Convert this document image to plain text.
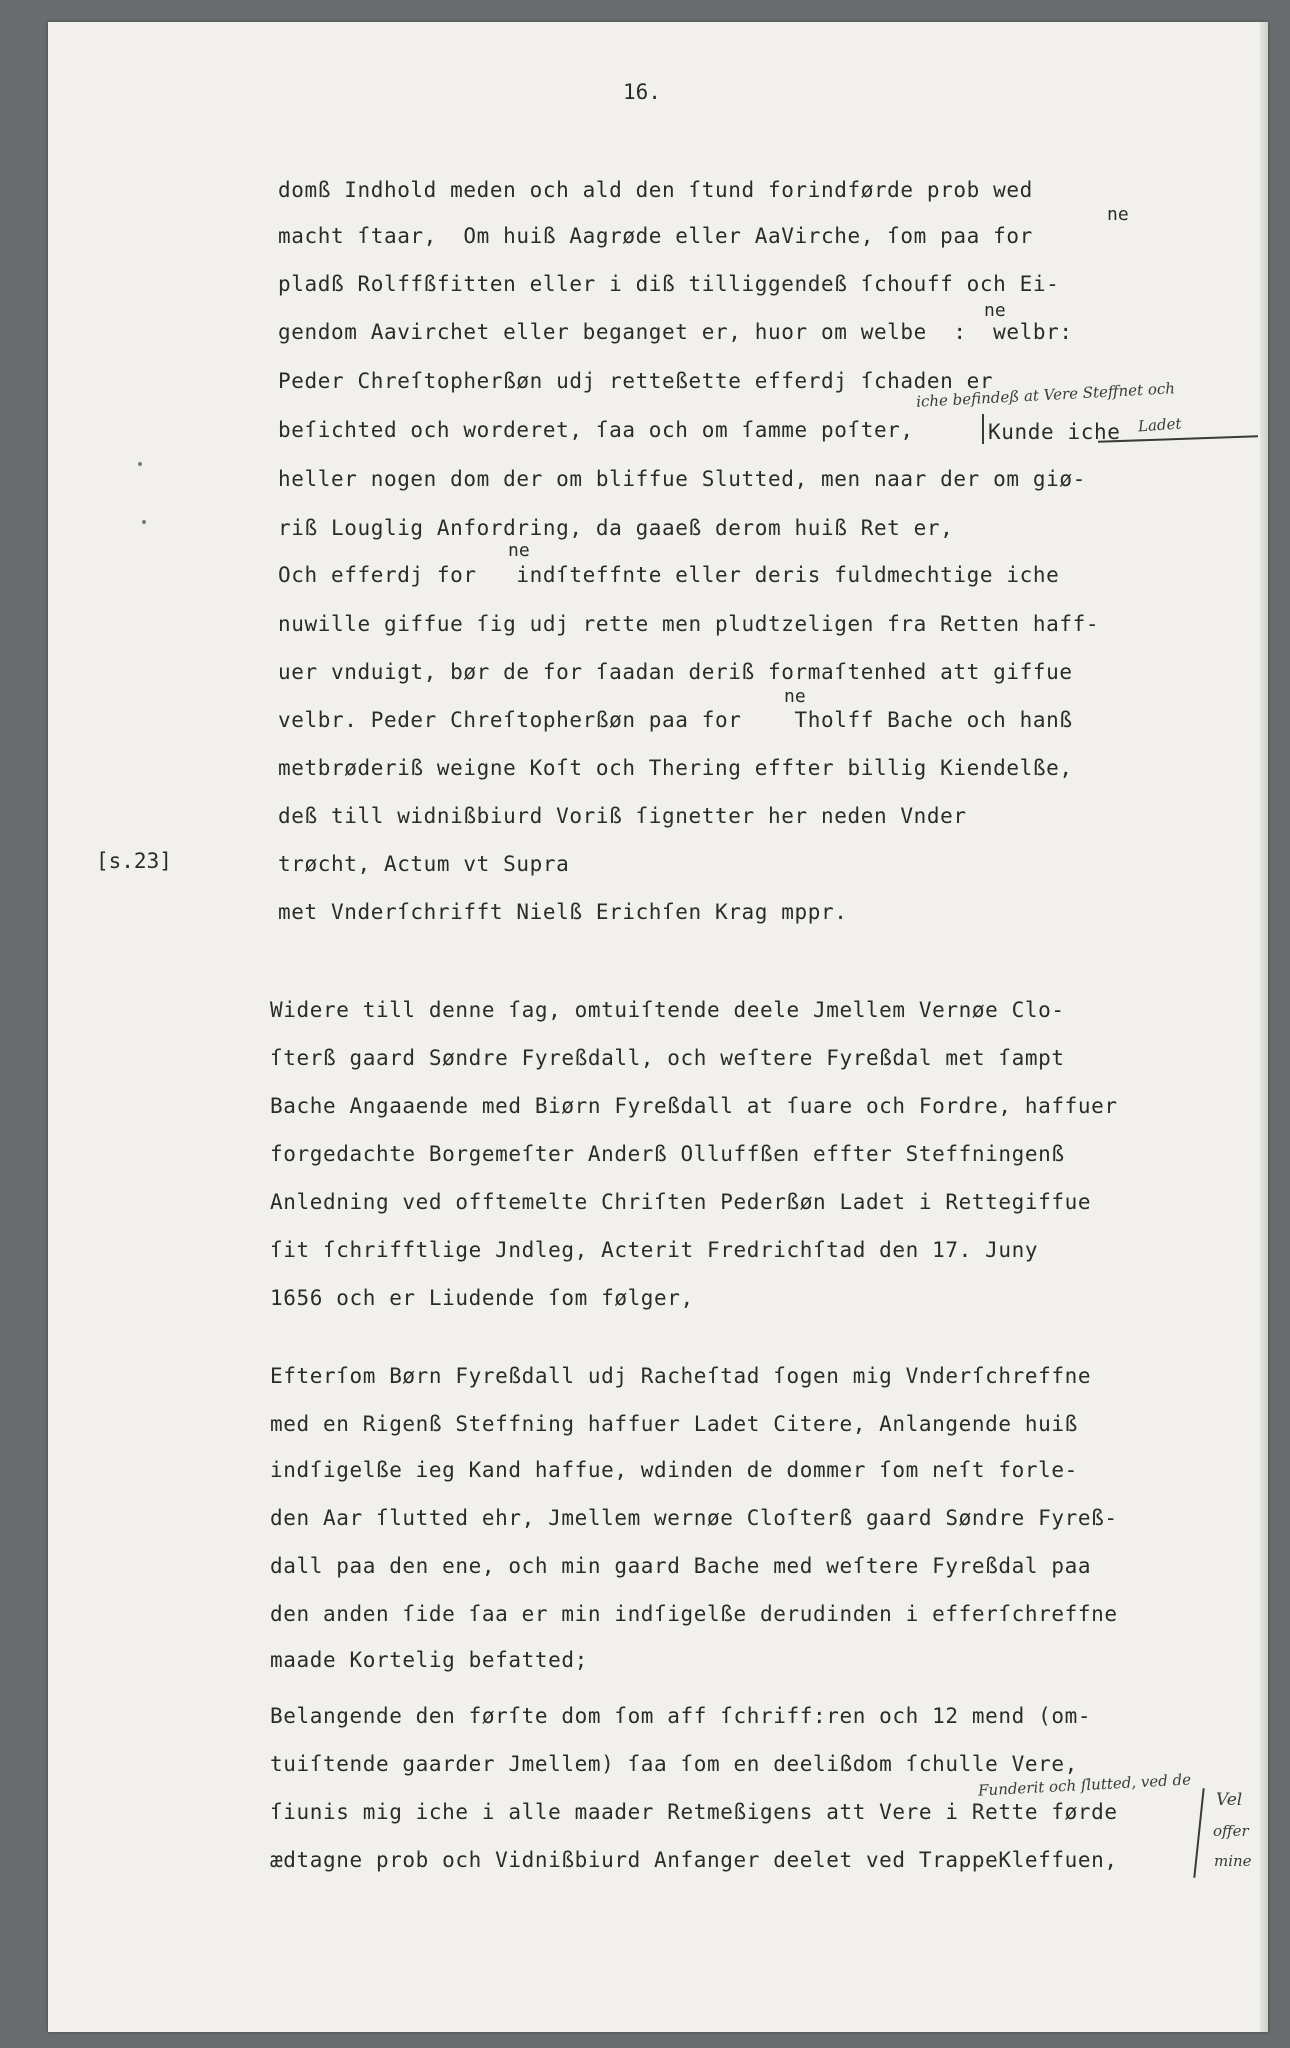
16.
domß Indhold meden och ald den ſtund forindførde prob wed
ne
macht ſtaar,  Om huiß Aagrøde eller AaVirche, ſom paa for
pladß Rolffßfitten eller i diß tilliggendeß ſchouff och Ei-
ne
gendom Aavirchet eller beganget er, huor om welbe  :  welbr:
Peder Chreſtopherßøn udj retteßette efferdj ſchaden er
iche befindeß at Vere Steffnet och
beſichted och worderet, ſaa och om ſamme poſter,	Kunde iche Ladet
heller nogen dom der om bliffue Slutted, men naar der om giø-
riß Louglig Anfordring, da gaaeß derom huiß Ret er,
ne
Och efferdj for   indſteffnte eller deris fuldmechtige iche
nuwille giffue ſig udj rette men pludtzeligen fra Retten haff-
uer vnduigt, bør de for ſaadan deriß formaſtenhed att giffue
ne
velbr. Peder Chreſtopherßøn paa for    Tholff Bache och hanß
metbrøderiß weigne Koſt och Thering effter billig Kiendelße,
deß till widnißbiurd Voriß ſignetter her neden Vnder
[s.23]	trøcht, Actum vt Supra
met Vnderſchrifft Nielß Erichſen Krag mppr.
Widere till denne ſag, omtuiſtende deele Jmellem Vernøe Clo-
ſterß gaard Søndre Fyreßdall, och weſtere Fyreßdal met ſampt
Bache Angaaende med Biørn Fyreßdall at ſuare och Fordre, haffuer
forgedachte Borgemeſter Anderß Olluffßen effter Steffningenß
Anledning ved offtemelte Chriſten Pederßøn Ladet i Rettegiffue
ſit ſchrifftlige Jndleg, Acterit Fredrichſtad den 17. Juny
1656 och er Liudende ſom følger,
Efterſom Børn Fyreßdall udj Racheſtad ſogen mig Vnderſchreffne
med en Rigenß Steffning haffuer Ladet Citere, Anlangende huiß
indſigelße ieg Kand haffue, wdinden de dommer ſom neſt forle-
den Aar ſlutted ehr, Jmellem wernøe Cloſterß gaard Søndre Fyreß-
dall paa den ene, och min gaard Bache med weſtere Fyreßdal paa
den anden ſide ſaa er min indſigelße derudinden i efferſchreffne
maade Kortelig befatted;
Belangende den førſte dom ſom aff ſchriff:ren och 12 mend (om-
tuiſtende gaarder Jmellem) ſaa ſom en deelißdom ſchulle Vere,
Funderit och ſlutted, ved de
ſiunis mig iche i alle maader Retmeßigens att Vere i Rette førde
ædtagne prob och Vidnißbiurd Anfanger deelet ved TrappeKleffuen,
Vel
offer
mine
